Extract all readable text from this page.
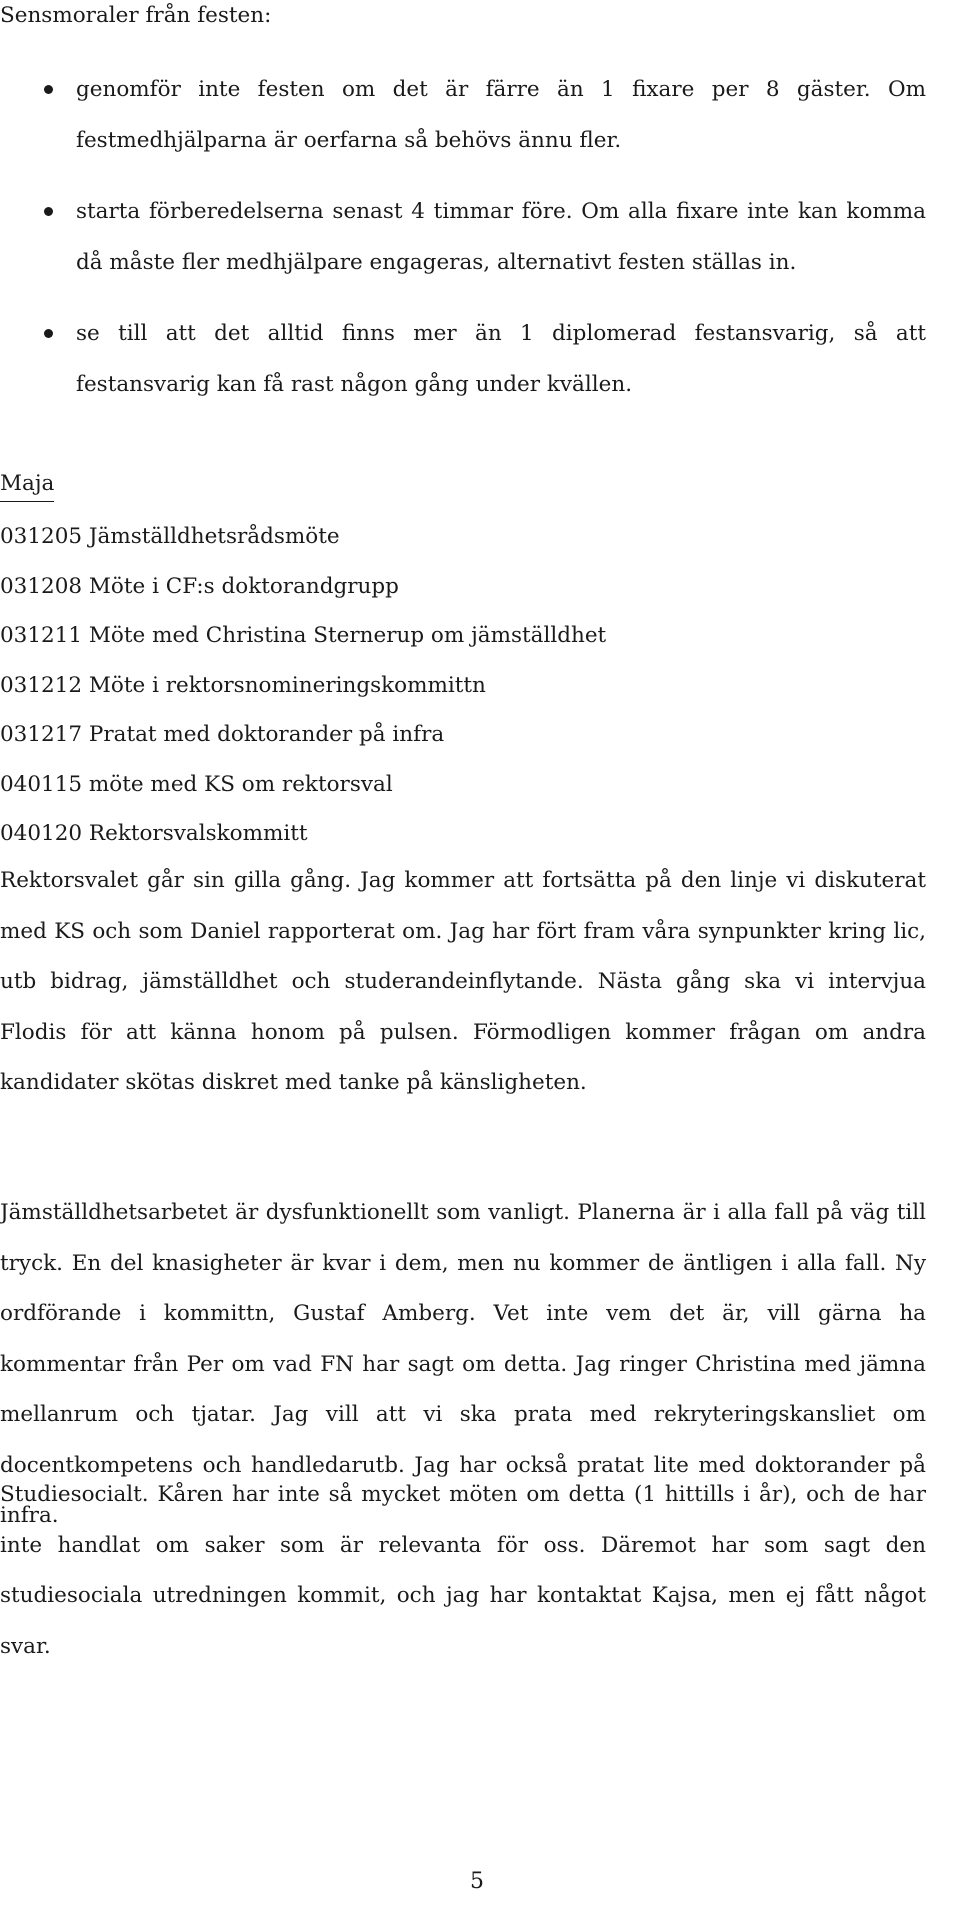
Sensmoraler från festen:
genomför inte festen om det är färre än 1 fixare per 8 gäster. Om festmedhjälparna är oerfarna så behövs ännu fler.
starta förberedelserna senast 4 timmar före. Om alla fixare inte kan komma då måste fler medhjälpare engageras, alternativt festen ställas in.
se till att det alltid finns mer än 1 diplomerad festansvarig, så att festansvarig kan få rast någon gång under kvällen.
Maja
031205 Jämställdhetsrådsmöte
031208 Möte i CF:s doktorandgrupp
031211 Möte med Christina Sternerup om jämställdhet
031212 Möte i rektorsnomineringskommittn
031217 Pratat med doktorander på infra
040115 möte med KS om rektorsval
040120 Rektorsvalskommitt

Rektorsvalet går sin gilla gång. Jag kommer att fortsätta på den linje vi diskuterat med KS och som Daniel rapporterat om. Jag har fört fram våra synpunkter kring lic, utb bidrag, jämställdhet och studerandeinflytande. Nästa gång ska vi intervjua Flodis för att känna honom på pulsen. Förmodligen kommer frågan om andra kandidater skötas diskret med tanke på känsligheten.

Jämställdhetsarbetet är dysfunktionellt som vanligt. Planerna är i alla fall på väg till tryck. En del knasigheter är kvar i dem, men nu kommer de äntligen i alla fall. Ny ordförande i kommittn, Gustaf Amberg. Vet inte vem det är, vill gärna ha kommentar från Per om vad FN har sagt om detta. Jag ringer Christina med jämna mellanrum och tjatar. Jag vill att vi ska prata med rekryteringskansliet om docentkompetens och handledarutb. Jag har också pratat lite med doktorander på infra.

Studiesocialt. Kåren har inte så mycket möten om detta (1 hittills i år), och de har inte handlat om saker som är relevanta för oss. Däremot har som sagt den studiesociala utredningen kommit, och jag har kontaktat Kajsa, men ej fått något svar.

5
